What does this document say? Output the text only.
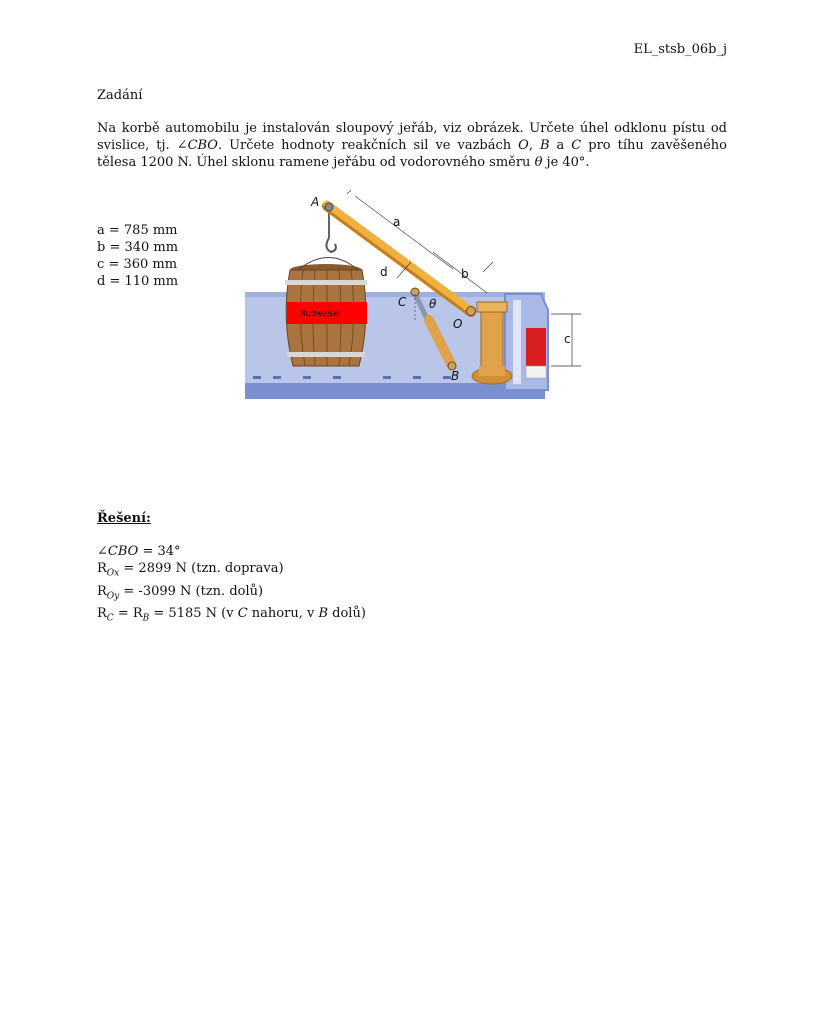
EL_stsb_06b_j
Zadání
Na korbě automobilu je instalován sloupový jeřáb, viz obrázek. Určete úhel odklonu pístu od svislice, tj. ∠CBO. Určete hodnoty reakčních sil ve vazbách O, B a C pro tíhu zavěšeného tělesa 1200 N. Úhel sklonu ramene jeřábu od vodorovného směru θ je 40°.
a = 785 mm
b = 340 mm
c = 360 mm
d = 110 mm
c
Budweiser
A
a
b
d
C θ
O
B
Řešení:
∠CBO = 34°
$R_{Ox} = 2899$ N (tzn. doprava)
$R_{Oy} = -3099$ N (tzn. dolů)
$R_C = R_B = 5185$ N (v C nahoru, v B dolů)
